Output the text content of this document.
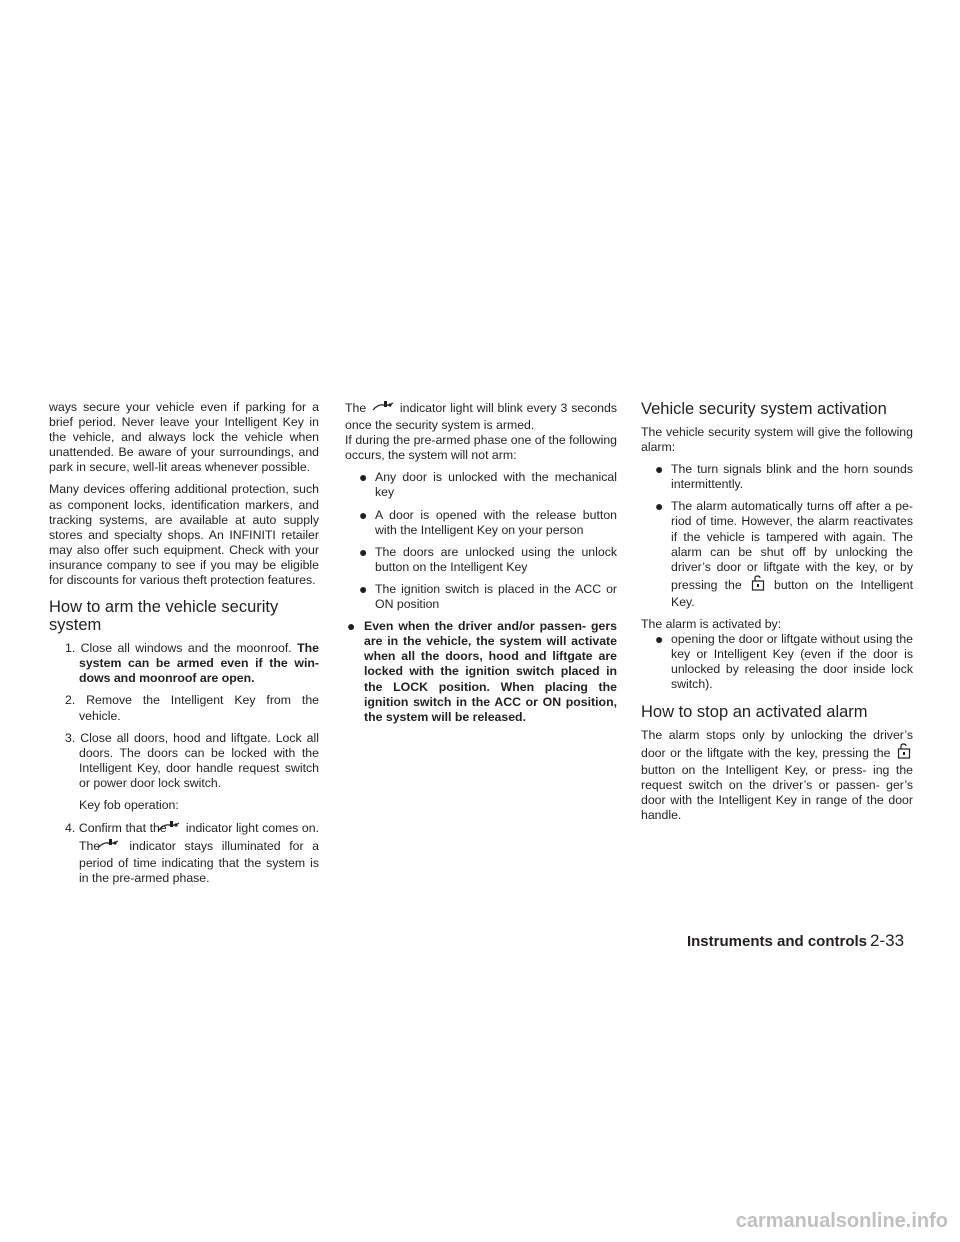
ways secure your vehicle even if parking for a brief period. Never leave your Intelligent Key in the vehicle, and always lock the vehicle when unattended. Be aware of your surroundings, and park in secure, well-lit areas whenever possible.

Many devices offering additional protection, such as component locks, identification markers, and tracking systems, are available at auto supply stores and specialty shops. An INFINITI retailer may also offer such equipment. Check with your insurance company to see if you may be eligible for discounts for various theft protection features.

How to arm the vehicle security system
1. Close all windows and the moonroof. The system can be armed even if the win- dows and moonroof are open.
2. Remove the Intelligent Key from the vehicle.
3. Close all doors, hood and liftgate. Lock all doors. The doors can be locked with the Intelligent Key, door handle request switch or power door lock switch.
Key fob operation:
4. Confirm that the indicator light comes on. The indicator stays illuminated for a period of time indicating that the system is in the pre-armed phase.

The	indicator light will blink every 3 seconds once the security system is armed.

If during the pre-armed phase one of the following occurs, the system will not arm:

● Any door is unlocked with the mechanical key
● A door is opened with the release button with the Intelligent Key on your person
● The doors are unlocked using the unlock button on the Intelligent Key
● The ignition switch is placed in the ACC or ON position
● Even when the driver and/or passen- gers are in the vehicle, the system will activate when all the doors, hood and liftgate are locked with the ignition switch placed in the LOCK position. When placing the ignition switch in the ACC or ON position, the system will be released.
Vehicle security system activation

The vehicle security system will give the following alarm:

● The turn signals blink and the horn sounds intermittently.
● The alarm automatically turns off after a pe- riod of time. However, the alarm reactivates if the vehicle is tampered with again. The alarm can be shut off by unlocking the driver’s door or liftgate with the key, or by pressing the	button on the Intelligent Key.

The alarm is activated by:

● opening the door or liftgate without using the key or Intelligent Key (even if the door is unlocked by releasing the door inside lock switch).
How to stop an activated alarm

The alarm stops only by unlocking the driver’s door or the liftgate with the key, pressing the  button on the Intelligent Key, or press- ing the request switch on the driver’s or passen- ger’s door with the Intelligent Key in range of the door handle.

Instruments and controls 2-33
carmanualsonline.info
